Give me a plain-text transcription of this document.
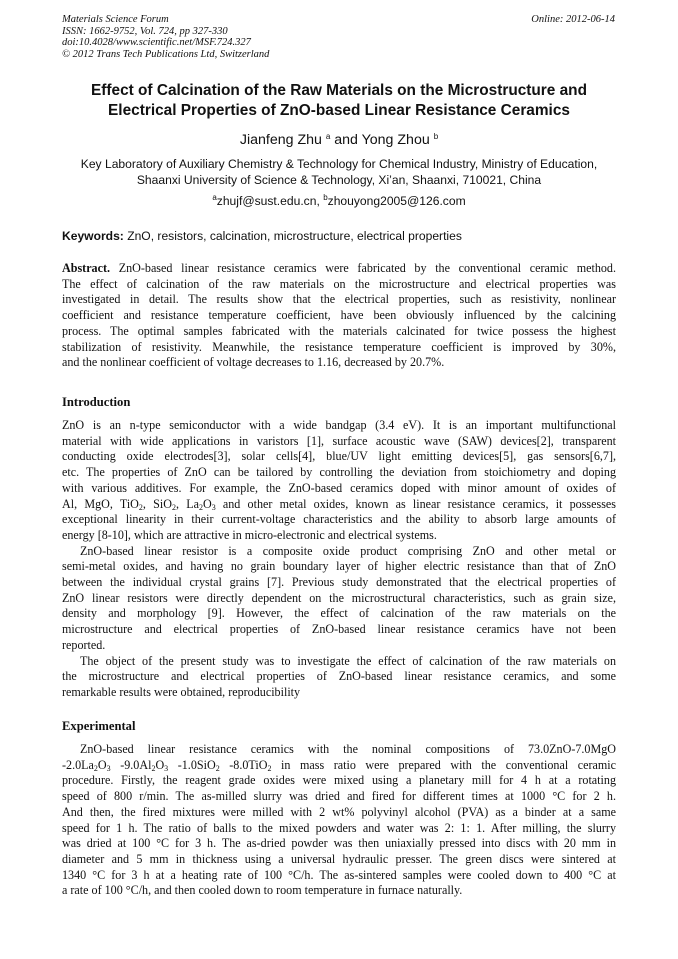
Materials Science Forum
ISSN: 1662-9752, Vol. 724, pp 327-330
doi:10.4028/www.scientific.net/MSF.724.327
© 2012 Trans Tech Publications Ltd, Switzerland
Online: 2012-06-14
Effect of Calcination of the Raw Materials on the Microstructure and
Electrical Properties of ZnO-based Linear Resistance Ceramics
Jianfeng Zhu $^a$ and Yong Zhou $^b$
Key Laboratory of Auxiliary Chemistry & Technology for Chemical Industry, Ministry of Education,
Shaanxi University of Science & Technology, Xi’an, Shaanxi, 710021, China
$^a$zhujf@sust.edu.cn, $^b$zhouyong2005@126.com
Keywords: ZnO, resistors, calcination, microstructure, electrical properties
Abstract. ZnO-based linear resistance ceramics were fabricated by the conventional ceramic method.
The effect of calcination of the raw materials on the microstructure and electrical properties was
investigated in detail. The results show that the electrical properties, such as resistivity, nonlinear
coefficient and resistance temperature coefficient, have been obviously influenced by the calcining
process. The optimal samples fabricated with the materials calcinated for twice possess the highest
stabilization of resistivity. Meanwhile, the resistance temperature coefficient is improved by 30%,
and the nonlinear coefficient of voltage decreases to 1.16, decreased by 20.7%.
Introduction
ZnO is an n-type semiconductor with a wide bandgap (3.4 eV). It is an important multifunctional
material with wide applications in varistors [1], surface acoustic wave (SAW) devices[2], transparent
conducting oxide electrodes[3], solar cells[4], blue/UV light emitting devices[5], gas sensors[6,7],
etc. The properties of ZnO can be tailored by controlling the deviation from stoichiometry and doping
with various additives. For example, the ZnO-based ceramics doped with minor amount of oxides of
Al, MgO, TiO$_2$, SiO$_2$, $La_2O_3$ and other metal oxides, known as linear resistance ceramics, it possesses
exceptional linearity in their current-voltage characteristics and the ability to absorb large amounts of
energy [8-10], which are attractive in micro-electronic and electrical systems.
ZnO-based linear resistor is a composite oxide product comprising ZnO and other metal or
semi-metal oxides, and having no grain boundary layer of higher electric resistance than that of ZnO
between the individual crystal grains [7]. Previous study demonstrated that the electrical properties of
ZnO linear resistors were directly dependent on the microstructural characteristics, such as grain size,
density and morphology [9]. However, the effect of calcination of the raw materials on the
microstructure and electrical properties of ZnO-based linear resistance ceramics have not been
reported.
The object of the present study was to investigate the effect of calcination of the raw materials on
the microstructure and electrical properties of ZnO-based linear resistance ceramics, and some
remarkable results were obtained, reproducibility
Experimental
ZnO-based linear resistance ceramics with the nominal compositions of 73.0ZnO-7.0MgO
$-2.0La_2O_3$ $-9.0Al_2O_3$ -1.0SiO$_2$ -8.0TiO$_2$ in mass ratio were prepared with the conventional ceramic
procedure. Firstly, the reagent grade oxides were mixed using a planetary mill for 4 h at a rotating
speed of 800 r/min. The as-milled slurry was dried and fired for different times at 1000 °C for 2 h.
And then, the fired mixtures were milled with 2 wt% polyvinyl alcohol (PVA) as a binder at a same
speed for 1 h. The ratio of balls to the mixed powders and water was 2: 1: 1. After milling, the slurry
was dried at 100 °C for 3 h. The as-dried powder was then uniaxially pressed into discs with 20 mm in
diameter and 5 mm in thickness using a universal hydraulic presser. The green discs were sintered at
1340 °C for 3 h at a heating rate of 100 °C/h. The as-sintered samples were cooled down to 400 °C at
a rate of 100 °C/h, and then cooled down to room temperature in furnace naturally.
